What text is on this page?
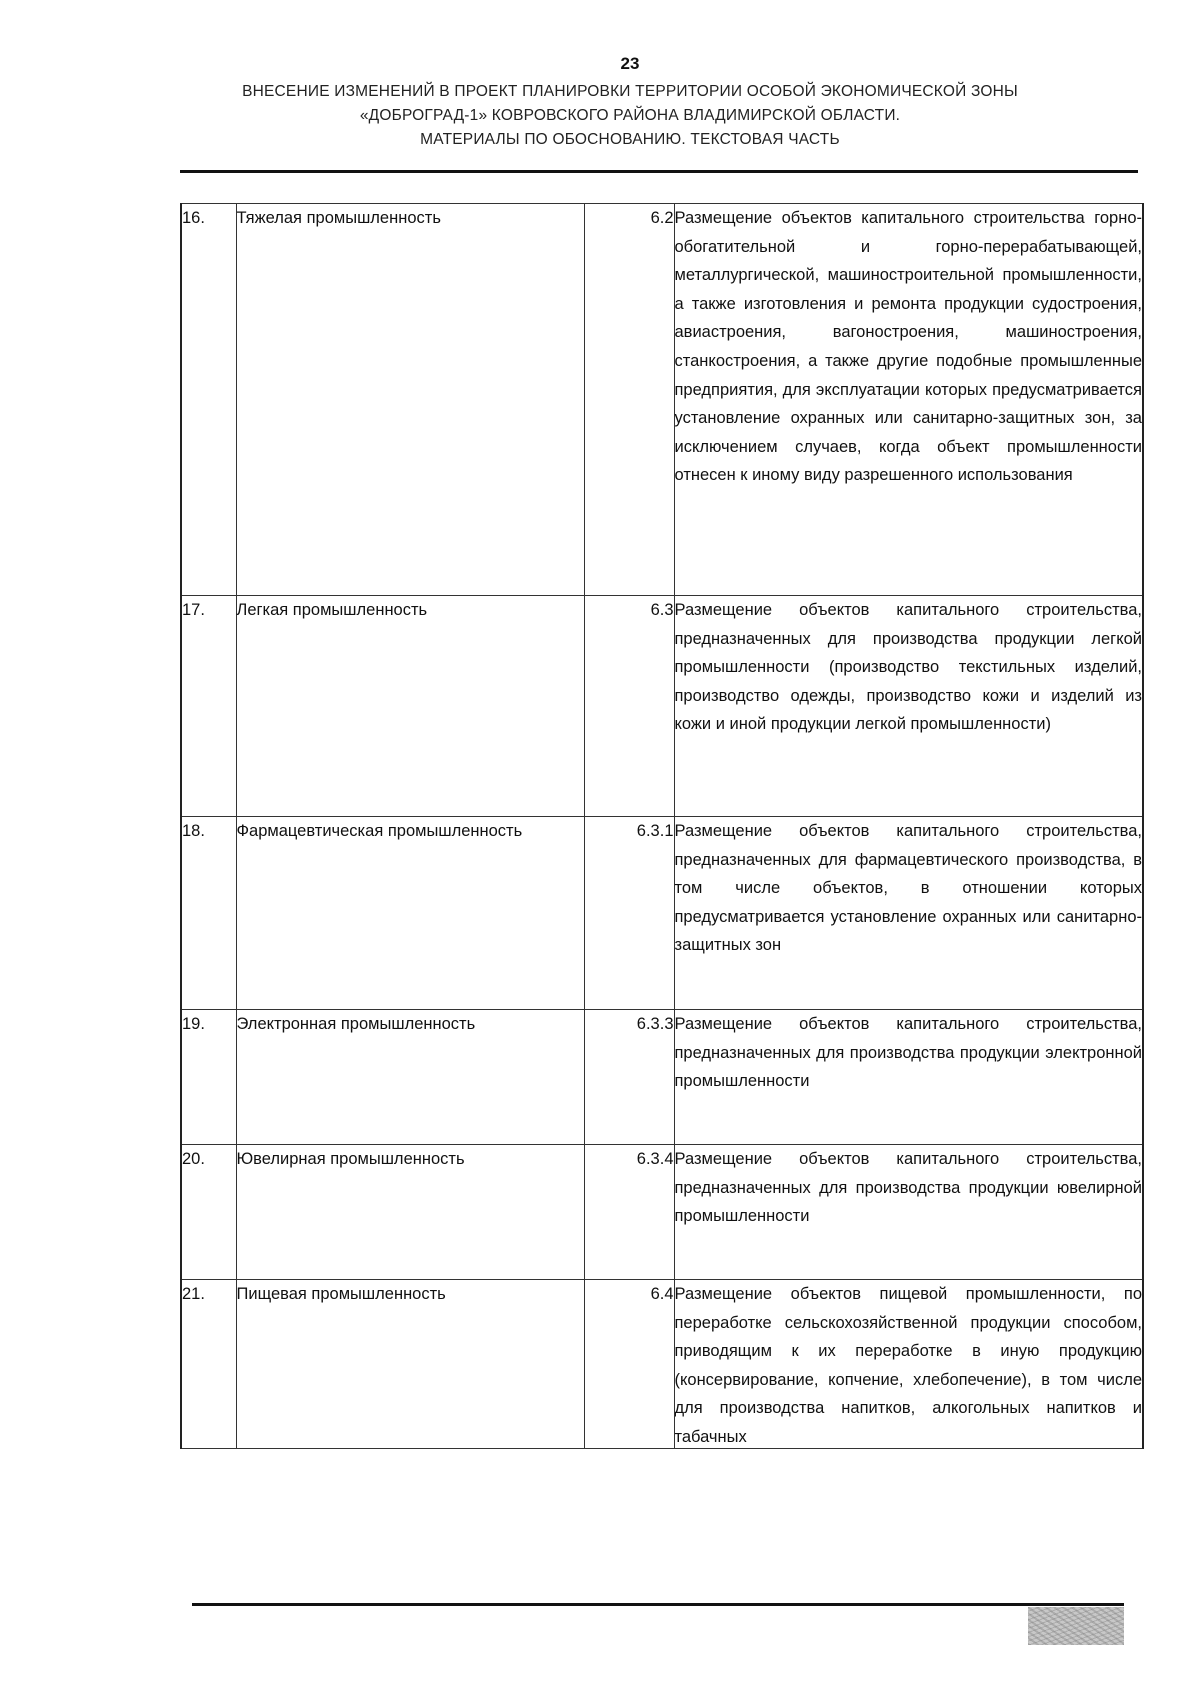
23
ВНЕСЕНИЕ ИЗМЕНЕНИЙ В ПРОЕКТ ПЛАНИРОВКИ ТЕРРИТОРИИ ОСОБОЙ ЭКОНОМИЧЕСКОЙ ЗОНЫ
«ДОБРОГРАД-1» КОВРОВСКОГО РАЙОНА ВЛАДИМИРСКОЙ ОБЛАСТИ.
МАТЕРИАЛЫ ПО ОБОСНОВАНИЮ. ТЕКСТОВАЯ ЧАСТЬ
16.	Тяжелая промышленность	6.2	Размещение объектов капитального строительства горно-обогатительной и горно-перерабатывающей, металлургической, машиностроительной промышленности, а также изготовления и ремонта продукции судостроения, авиастроения, вагоностроения, машиностроения, станкостроения, а также другие подобные промышленные предприятия, для эксплуатации которых предусматривается установление охранных или санитарно-защитных зон, за исключением случаев, когда объект промышленности отнесен к иному виду разрешенного использования
17.	Легкая промышленность	6.3	Размещение объектов капитального строительства, предназначенных для производства продукции легкой промышленности (производство текстильных изделий, производство одежды, производство кожи и изделий из кожи и иной продукции легкой промышленности)
18.	Фармацевтическая промышленность	6.3.1	Размещение объектов капитального строительства, предназначенных для фармацевтического производства, в том числе объектов, в отношении которых предусматривается установление охранных или санитарно-защитных зон
19.	Электронная промышленность	6.3.3	Размещение объектов капитального строительства, предназначенных для производства продукции электронной промышленности
20.	Ювелирная промышленность	6.3.4	Размещение объектов капитального строительства, предназначенных для производства продукции ювелирной промышленности
21.	Пищевая промышленность	6.4	Размещение объектов пищевой промышленности, по переработке сельскохозяйственной продукции способом, приводящим к их переработке в иную продукцию (консервирование, копчение, хлебопечение), в том числе для производства напитков, алкогольных напитков и табачных
